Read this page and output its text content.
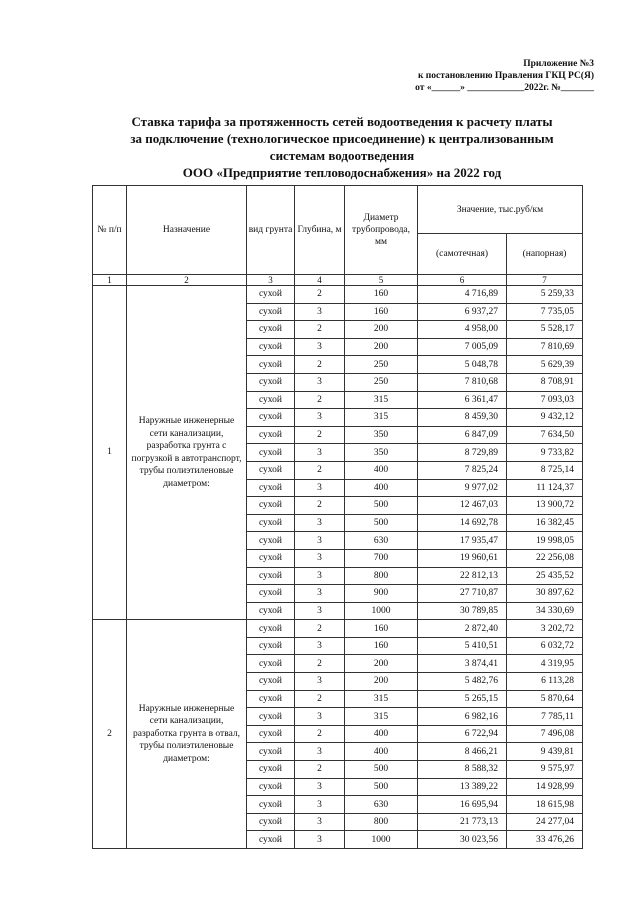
Приложение №3
к постановлению Правления ГКЦ РС(Я)
от «______» ____________2022г. №_______
Ставка тарифа за протяженность сетей водоотведения к расчету платы
за подключение (технологическое присоединение) к централизованным
системам водоотведения
ООО «Предприятие тепловодоснабжения» на 2022 год
№ п/п	Назначение	вид грунта	Глубина, м	Диаметр трубопровода, мм	Значение, тыс.руб/км	
					(самотечная)	(напорная)
1	2	3	4	5	6	7
1	Наружные инженерные сети канализации, разработка грунта с погрузкой в автотранспорт, трубы полиэтиленовые диаметром:	сухой	2	160	4 716,89	5 259,33
		сухой	3	160	6 937,27	7 735,05
		сухой	2	200	4 958,00	5 528,17
		сухой	3	200	7 005,09	7 810,69
		сухой	2	250	5 048,78	5 629,39
		сухой	3	250	7 810,68	8 708,91
		сухой	2	315	6 361,47	7 093,03
		сухой	3	315	8 459,30	9 432,12
		сухой	2	350	6 847,09	7 634,50
		сухой	3	350	8 729,89	9 733,82
		сухой	2	400	7 825,24	8 725,14
		сухой	3	400	9 977,02	11 124,37
		сухой	2	500	12 467,03	13 900,72
		сухой	3	500	14 692,78	16 382,45
		сухой	3	630	17 935,47	19 998,05
		сухой	3	700	19 960,61	22 256,08
		сухой	3	800	22 812,13	25 435,52
		сухой	3	900	27 710,87	30 897,62
		сухой	3	1000	30 789,85	34 330,69
2	Наружные инженерные сети канализации, разработка грунта в отвал, трубы полиэтиленовые диаметром:	сухой	2	160	2 872,40	3 202,72
		сухой	3	160	5 410,51	6 032,72
		сухой	2	200	3 874,41	4 319,95
		сухой	3	200	5 482,76	6 113,28
		сухой	2	315	5 265,15	5 870,64
		сухой	3	315	6 982,16	7 785,11
		сухой	2	400	6 722,94	7 496,08
		сухой	3	400	8 466,21	9 439,81
		сухой	2	500	8 588,32	9 575,97
		сухой	3	500	13 389,22	14 928,99
		сухой	3	630	16 695,94	18 615,98
		сухой	3	800	21 773,13	24 277,04
		сухой	3	1000	30 023,56	33 476,26
